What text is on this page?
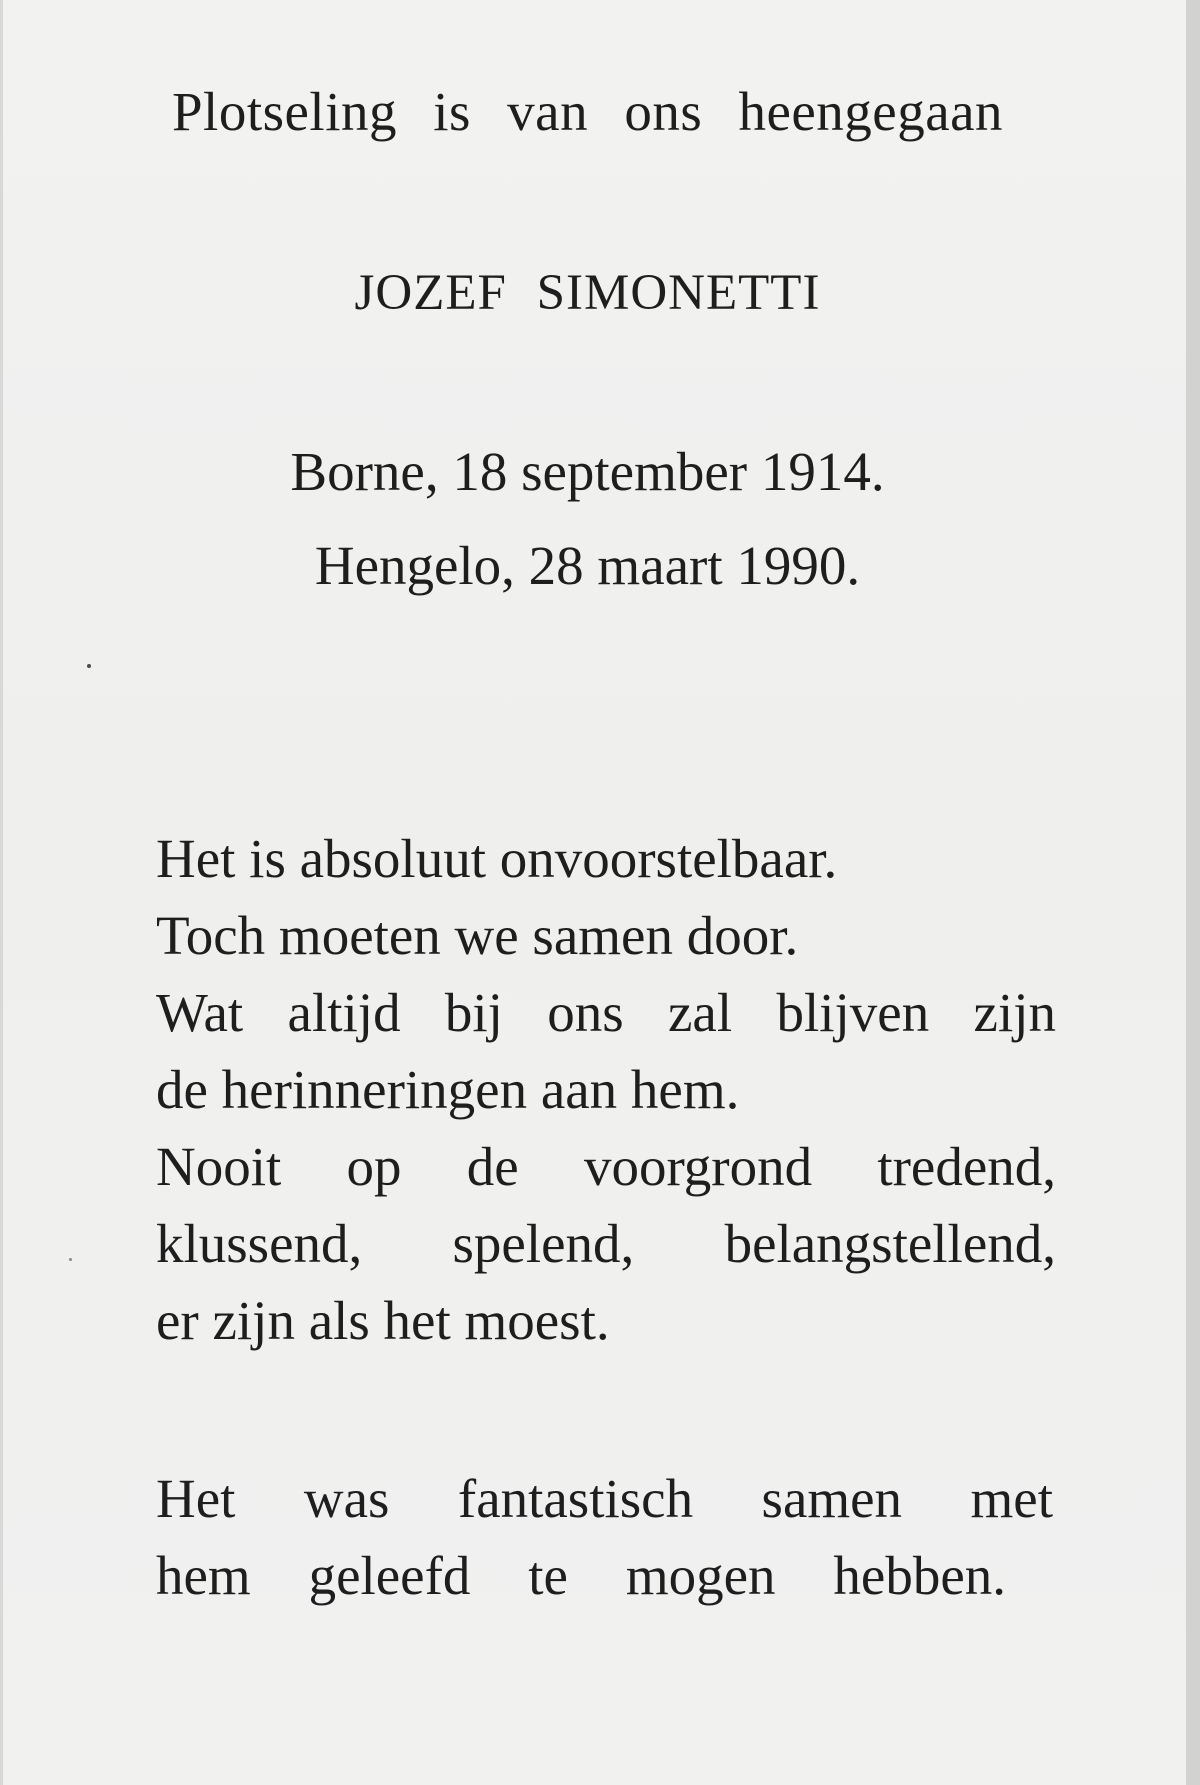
Plotseling is van ons heengegaan
JOZEF SIMONETTI
Borne, 18 september 1914.
Hengelo, 28 maart 1990.
Het is absoluut onvoorstelbaar.
Toch moeten we samen door.
Wat altijd bij ons zal blijven zijn
de herinneringen aan hem.
Nooit op de voorgrond tredend,
klussend, spelend, belangstellend,
er zijn als het moest.
Het was fantastisch samen met
hem geleefd te mogen hebben.
